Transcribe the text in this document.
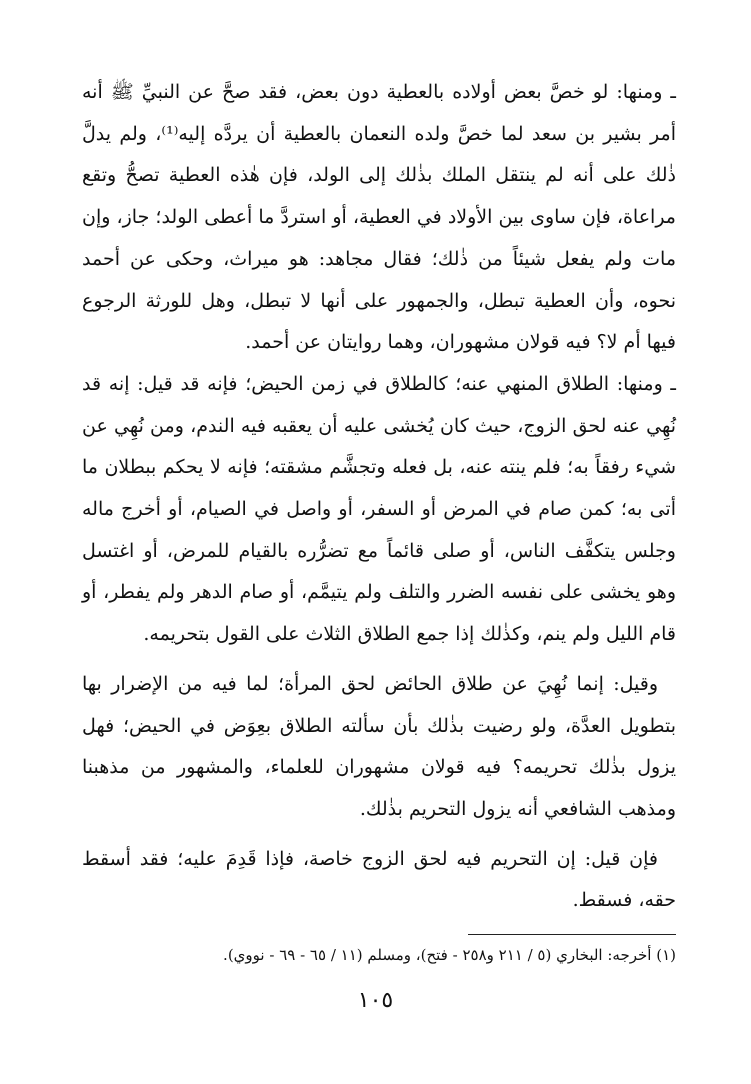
ـ ومنها: لو خصَّ بعض أولاده بالعطية دون بعض، فقد صحَّ عن النبيِّ ﷺ أنه أمر بشير بن سعد لما خصَّ ولده النعمان بالعطية أن يردَّه إليه⁽¹⁾، ولم يدلَّ ذٰلك على أنه لم ينتقل الملك بذٰلك إلى الولد، فإن هٰذه العطية تصحُّ وتقع مراعاة، فإن ساوى بين الأولاد في العطية، أو استردَّ ما أعطى الولد؛ جاز، وإن مات ولم يفعل شيئاً من ذٰلك؛ فقال مجاهد: هو ميراث، وحكى عن أحمد نحوه، وأن العطية تبطل، والجمهور على أنها لا تبطل، وهل للورثة الرجوع فيها أم لا؟ فيه قولان مشهوران، وهما روايتان عن أحمد.

ـ ومنها: الطلاق المنهي عنه؛ كالطلاق في زمن الحيض؛ فإنه قد قيل: إنه قد نُهِي عنه لحق الزوج، حيث كان يُخشى عليه أن يعقبه فيه الندم، ومن نُهِي عن شيء رفقاً به؛ فلم ينته عنه، بل فعله وتجشَّم مشقته؛ فإنه لا يحكم ببطلان ما أتى به؛ كمن صام في المرض أو السفر، أو واصل في الصيام، أو أخرج ماله وجلس يتكفَّف الناس، أو صلى قائماً مع تضرُّره بالقيام للمرض، أو اغتسل وهو يخشى على نفسه الضرر والتلف ولم يتيمَّم، أو صام الدهر ولم يفطر، أو قام الليل ولم ينم، وكذٰلك إذا جمع الطلاق الثلاث على القول بتحريمه.

وقيل: إنما نُهِيَ عن طلاق الحائض لحق المرأة؛ لما فيه من الإضرار بها بتطويل العدَّة، ولو رضيت بذٰلك بأن سألته الطلاق بعِوَض في الحيض؛ فهل يزول بذٰلك تحريمه؟ فيه قولان مشهوران للعلماء، والمشهور من مذهبنا ومذهب الشافعي أنه يزول التحريم بذٰلك.

فإن قيل: إن التحريم فيه لحق الزوج خاصة، فإذا قَدِمَ عليه؛ فقد أسقط حقه، فسقط.

(١) أخرجه: البخاري (٥ / ٢١١ و٢٥٨ - فتح)، ومسلم (١١ / ٦٥ - ٦٩ - نووي).

١٠٥
